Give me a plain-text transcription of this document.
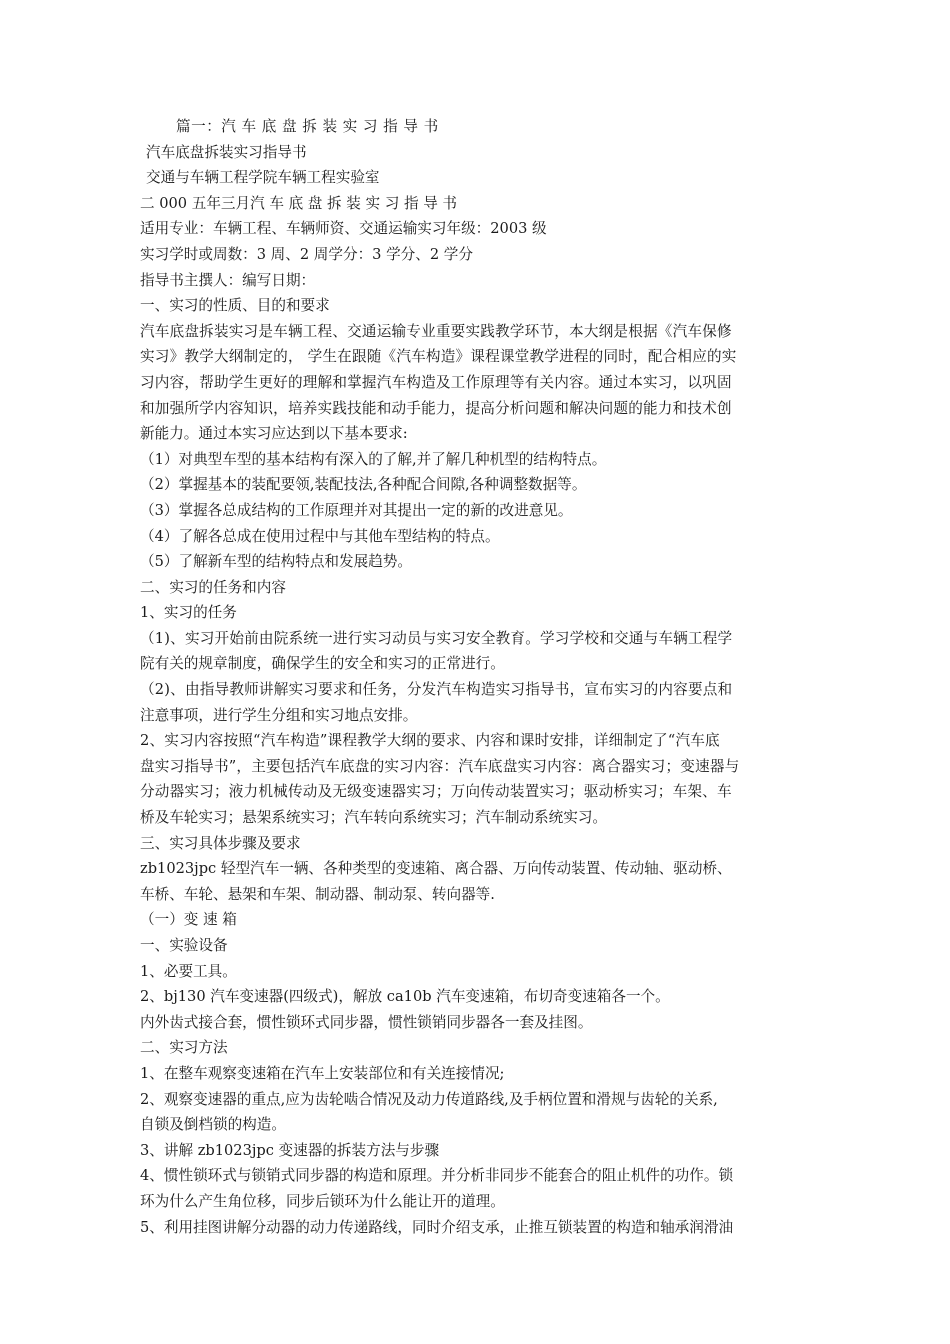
篇一：汽 车 底 盘 拆 装 实 习 指 导 书
汽车底盘拆装实习指导书
交通与车辆工程学院车辆工程实验室
二 000 五年三月汽 车 底 盘 拆 装 实 习 指 导 书
适用专业：车辆工程、车辆师资、交通运输实习年级：2003 级
实习学时或周数：3 周、2 周学分：3 学分、2 学分
指导书主撰人：编写日期：
一、实习的性质、目的和要求
汽车底盘拆装实习是车辆工程、交通运输专业重要实践教学环节，本大纲是根据《汽车保修
实习》教学大纲制定的， 学生在跟随《汽车构造》课程课堂教学进程的同时，配合相应的实
习内容，帮助学生更好的理解和掌握汽车构造及工作原理等有关内容。通过本实习，以巩固
和加强所学内容知识，培养实践技能和动手能力，提高分析问题和解决问题的能力和技术创
新能力。通过本实习应达到以下基本要求:
（1）对典型车型的基本结构有深入的了解,并了解几种机型的结构特点。
（2）掌握基本的装配要领,装配技法,各种配合间隙,各种调整数据等。
（3）掌握各总成结构的工作原理并对其提出一定的新的改进意见。
（4）了解各总成在使用过程中与其他车型结构的特点。
（5）了解新车型的结构特点和发展趋势。
二、实习的任务和内容
1、实习的任务
（1)、实习开始前由院系统一进行实习动员与实习安全教育。学习学校和交通与车辆工程学
院有关的规章制度，确保学生的安全和实习的正常进行。
（2)、由指导教师讲解实习要求和任务，分发汽车构造实习指导书，宣布实习的内容要点和
注意事项，进行学生分组和实习地点安排。
2、实习内容按照“汽车构造”课程教学大纲的要求、内容和课时安排，详细制定了“汽车底
盘实习指导书”，主要包括汽车底盘的实习内容：汽车底盘实习内容：离合器实习；变速器与
分动器实习；液力机械传动及无级变速器实习；万向传动装置实习；驱动桥实习；车架、车
桥及车轮实习；悬架系统实习；汽车转向系统实习；汽车制动系统实习。
三、实习具体步骤及要求
zb1023jpc 轻型汽车一辆、各种类型的变速箱、离合器、万向传动装置、传动轴、驱动桥、
车桥、车轮、悬架和车架、制动器、制动泵、转向器等.
（一）变 速 箱
一、实验设备
1、必要工具。
2、bj130 汽车变速器(四级式)，解放 ca10b 汽车变速箱，布切奇变速箱各一个。
内外齿式接合套，惯性锁环式同步器，惯性锁销同步器各一套及挂图。
二、实习方法
1、在整车观察变速箱在汽车上安装部位和有关连接情况;
2、观察变速器的重点,应为齿轮啮合情况及动力传道路线,及手柄位置和滑规与齿轮的关系,
自锁及倒档锁的构造。
3、讲解 zb1023jpc 变速器的拆装方法与步骤
4、惯性锁环式与锁销式同步器的构造和原理。并分析非同步不能套合的阻止机件的功作。锁
环为什么产生角位移，同步后锁环为什么能让开的道理。
5、利用挂图讲解分动器的动力传递路线，同时介绍支承，止推互锁装置的构造和轴承润滑油
